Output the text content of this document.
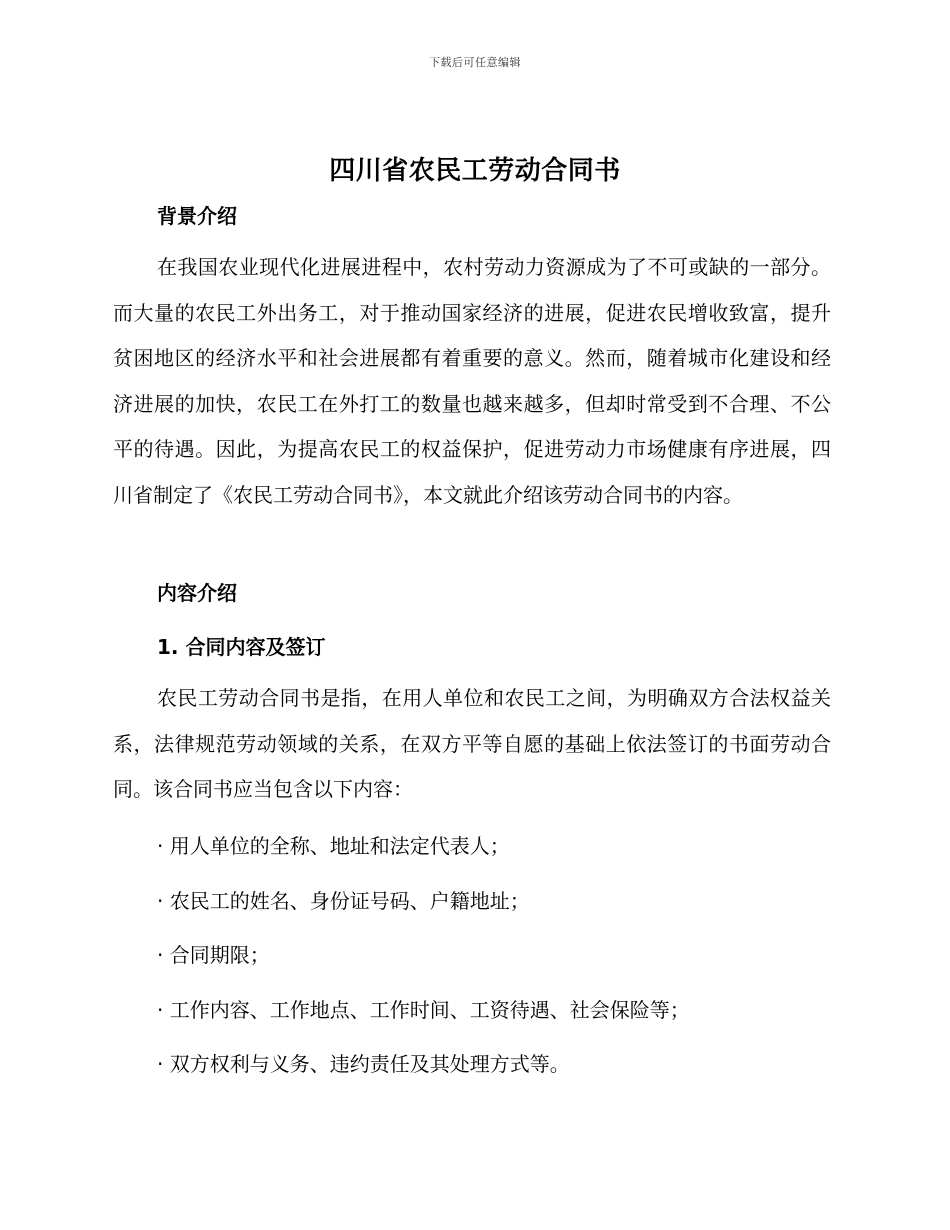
下载后可任意编辑
四川省农民工劳动合同书
背景介绍

在我国农业现代化进展进程中，农村劳动力资源成为了不可或缺的一部分。而大量的农民工外出务工，对于推动国家经济的进展，促进农民增收致富，提升贫困地区的经济水平和社会进展都有着重要的意义。然而，随着城市化建设和经济进展的加快，农民工在外打工的数量也越来越多，但却时常受到不合理、不公平的待遇。因此，为提高农民工的权益保护，促进劳动力市场健康有序进展，四川省制定了《农民工劳动合同书》，本文就此介绍该劳动合同书的内容。

内容介绍
1. 合同内容及签订

农民工劳动合同书是指，在用人单位和农民工之间，为明确双方合法权益关系，法律规范劳动领域的关系，在双方平等自愿的基础上依法签订的书面劳动合同。该合同书应当包含以下内容：

· 用人单位的全称、地址和法定代表人；
· 农民工的姓名、身份证号码、户籍地址；
· 合同期限；
· 工作内容、工作地点、工作时间、工资待遇、社会保险等；
· 双方权利与义务、违约责任及其处理方式等。
